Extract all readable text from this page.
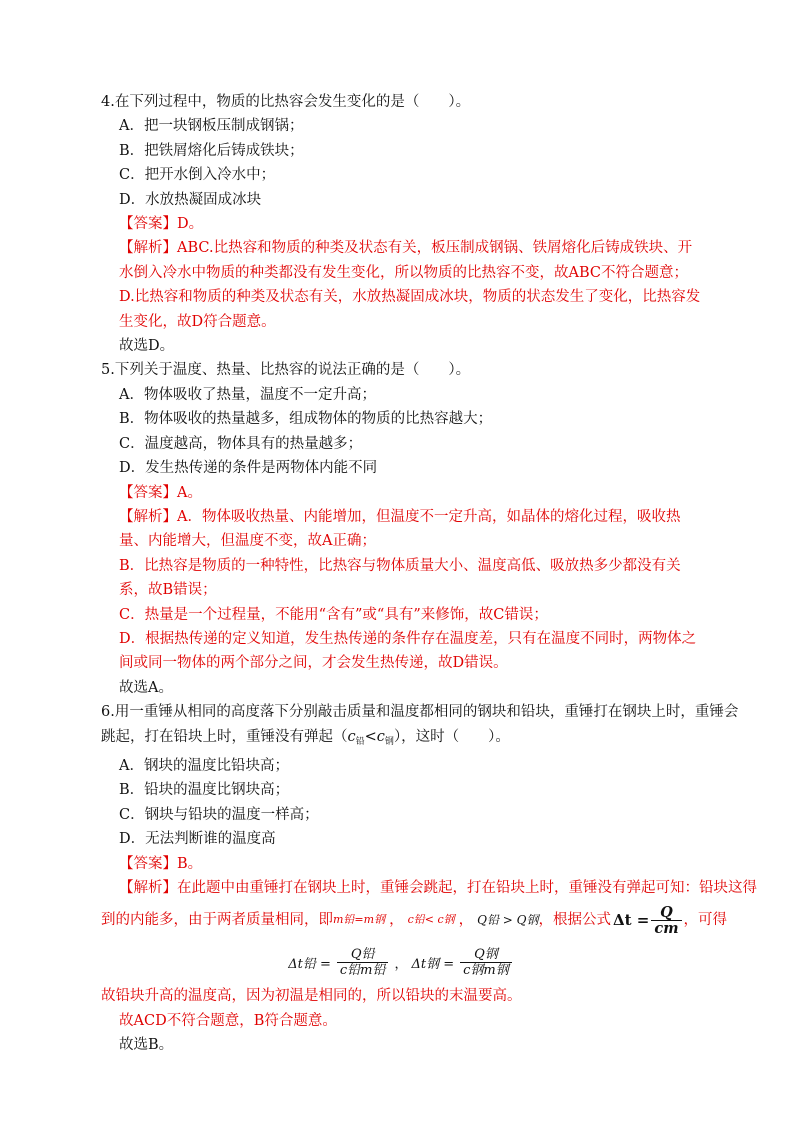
4.在下列过程中，物质的比热容会发生变化的是（　　）。
A．把一块钢板压制成钢锅；
B．把铁屑熔化后铸成铁块；
C．把开水倒入冷水中；
D．水放热凝固成冰块
【答案】D。
【解析】ABC.比热容和物质的种类及状态有关，板压制成钢锅、铁屑熔化后铸成铁块、开水倒入冷水中物质的种类都没有发生变化，所以物质的比热容不变，故ABC不符合题意；
D.比热容和物质的种类及状态有关，水放热凝固成冰块，物质的状态发生了变化，比热容发生变化，故D符合题意。
故选D。
5.下列关于温度、热量、比热容的说法正确的是（　　）。
A．物体吸收了热量，温度不一定升高；
B．物体吸收的热量越多，组成物体的物质的比热容越大；
C．温度越高，物体具有的热量越多；
D．发生热传递的条件是两物体内能不同
【答案】A。
【解析】A．物体吸收热量、内能增加，但温度不一定升高，如晶体的熔化过程，吸收热量、内能增大，但温度不变，故A正确；
B．比热容是物质的一种特性，比热容与物体质量大小、温度高低、吸放热多少都没有关系，故B错误；
C．热量是一个过程量，不能用“含有”或“具有”来修饰，故C错误；
D．根据热传递的定义知道，发生热传递的条件存在温度差，只有在温度不同时，两物体之间或同一物体的两个部分之间，才会发生热传递，故D错误。
故选A。
6.用一重锤从相同的高度落下分别敲击质量和温度都相同的钢块和铅块，重锤打在钢块上时，重锤会
跳起，打在铅块上时，重锤没有弹起$(c_铅<c_钢)$，这时（　　）。
A．钢块的温度比铅块高；
B．铅块的温度比钢块高；
C．钢块与铅块的温度一样高；
D．无法判断谁的温度高
【答案】B。
【解析】在此题中由重锤打在钢块上时，重锤会跳起，打在铅块上时，重锤没有弹起可知：铅块这得
到的内能多，由于两者质量相同，即 m铅=m钢 ， c铅< c钢 ， Q铅 > Q钢 ，根据公式 $\Delta t = \frac{Q}{cm}$ ，可得
Δt铅 = $\frac{\text{Q铅}}{\text{c铅m铅}}$ ， Δt钢 = $\frac{\text{Q钢}}{\text{c钢m钢}}$
故铅块升高的温度高，因为初温是相同的，所以铅块的末温要高。
故ACD不符合题意，B符合题意。
故选B。
